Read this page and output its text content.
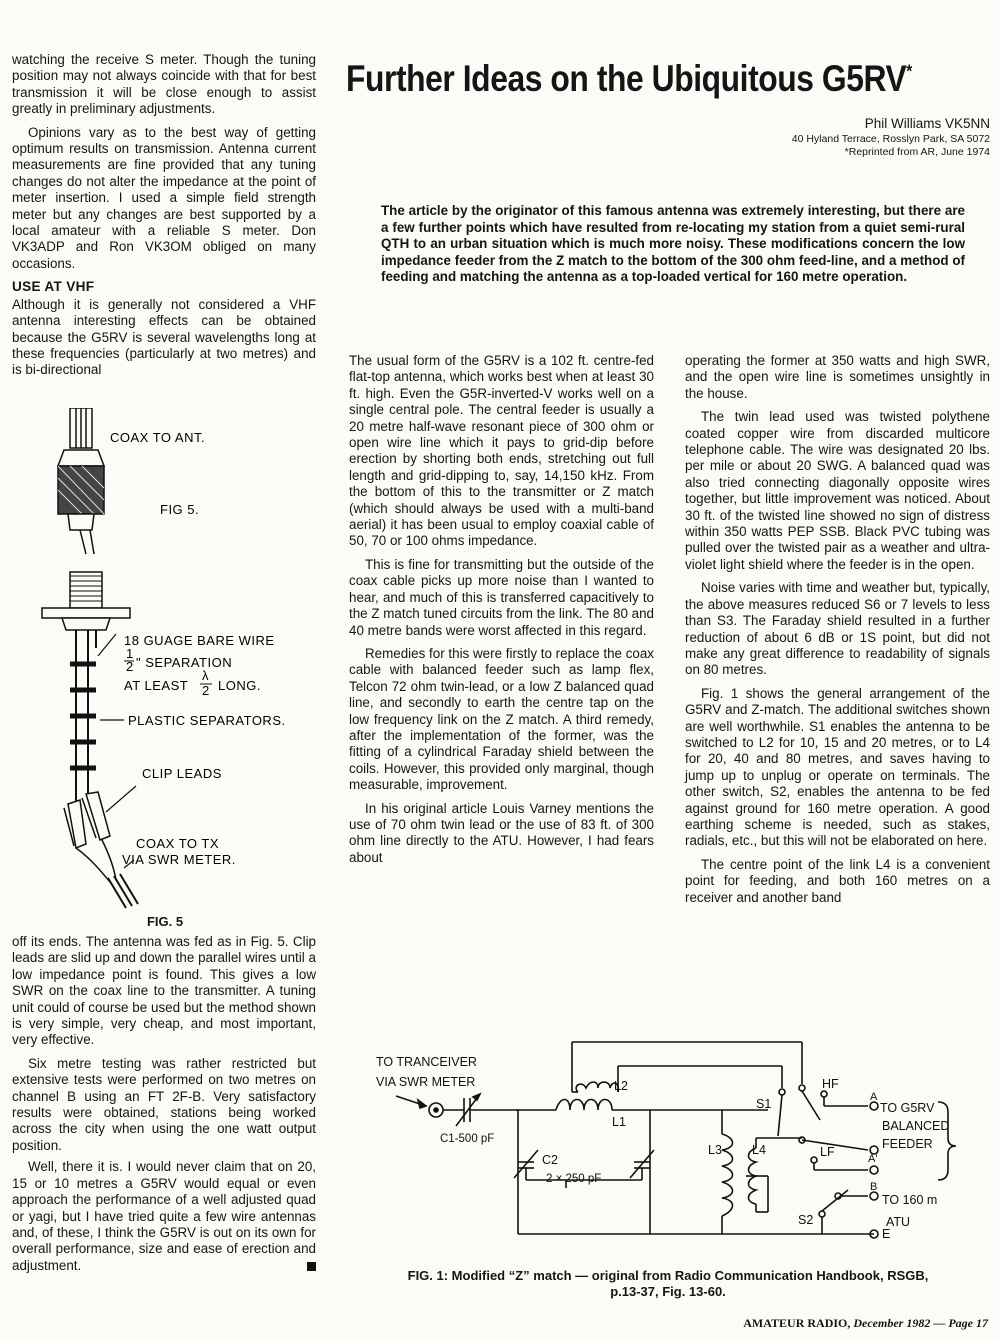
watching the receive S meter. Though the tuning position may not always coincide with that for best transmission it will be close enough to assist greatly in preliminary adjustments.

Opinions vary as to the best way of getting optimum results on transmission. Antenna current measurements are fine provided that any tuning changes do not alter the impedance at the point of meter insertion. I used a simple field strength meter but any changes are best supported by a local amateur with a reliable S meter. Don VK3ADP and Ron VK3OM obliged on many occasions.

USE AT VHF

Although it is generally not considered a VHF antenna interesting effects can be obtained because the G5RV is several wavelengths long at these frequencies (particularly at two metres) and is bi-directional

COAX TO ANT.
FIG 5.
18 GUAGE BARE WIRE
1
2 " SEPARATION
AT LEAST
λ
2 LONG.
PLASTIC SEPARATORS.
CLIP LEADS
COAX TO TX
VIA SWR METER.
FIG. 5

off its ends. The antenna was fed as in Fig. 5. Clip leads are slid up and down the parallel wires until a low impedance point is found. This gives a low SWR on the coax line to the transmitter. A tuning unit could of course be used but the method shown is very simple, very cheap, and most important, very effective.

Six metre testing was rather restricted but extensive tests were performed on two metres on channel B using an FT 2F-B. Very satisfactory results were obtained, stations being worked across the city when using the one watt output position.

Well, there it is. I would never claim that on 20, 15 or 10 metres a G5RV would equal or even approach the performance of a well adjusted quad or yagi, but I have tried quite a few wire antennas and, of these, I think the G5RV is out on its own for overall performance, size and ease of erection and adjustment.

Further Ideas on the Ubiquitous G5RV*
Phil Williams VK5NN
40 Hyland Terrace, Rosslyn Park, SA 5072
*Reprinted from AR, June 1974
The article by the originator of this famous antenna was extremely interesting, but there are a few further points which have resulted from re-locating my station from a quiet semi-rural QTH to an urban situation which is much more noisy. These modifications concern the low impedance feeder from the Z match to the bottom of the 300 ohm feed-line, and a method of feeding and matching the antenna as a top-loaded vertical for 160 metre operation.

The usual form of the G5RV is a 102 ft. centre-fed flat-top antenna, which works best when at least 30 ft. high. Even the G5R-inverted-V works well on a single central pole. The central feeder is usually a 20 metre half-wave resonant piece of 300 ohm or open wire line which it pays to grid-dip before erection by shorting both ends, stretching out full length and grid-dipping to, say, 14,150 kHz. From the bottom of this to the transmitter or Z match (which should always be used with a multi-band aerial) it has been usual to employ coaxial cable of 50, 70 or 100 ohms impedance.

This is fine for transmitting but the outside of the coax cable picks up more noise than I wanted to hear, and much of this is transferred capacitively to the Z match tuned circuits from the link. The 80 and 40 metre bands were worst affected in this regard.

Remedies for this were firstly to replace the coax cable with balanced feeder such as lamp flex, Telcon 72 ohm twin-lead, or a low Z balanced quad line, and secondly to earth the centre tap on the low frequency link on the Z match. A third remedy, after the implementation of the former, was the fitting of a cylindrical Faraday shield between the coils. However, this provided only marginal, though measurable, improvement.

In his original article Louis Varney mentions the use of 70 ohm twin lead or the use of 83 ft. of 300 ohm line directly to the ATU. However, I had fears about

operating the former at 350 watts and high SWR, and the open wire line is sometimes unsightly in the house.

The twin lead used was twisted polythene coated copper wire from discarded multicore telephone cable. The wire was designated 20 lbs. per mile or about 20 SWG. A balanced quad was also tried connecting diagonally opposite wires together, but little improvement was noticed. About 30 ft. of the twisted line showed no sign of distress within 350 watts PEP SSB. Black PVC tubing was pulled over the twisted pair as a weather and ultra-violet light shield where the feeder is in the open.

Noise varies with time and weather but, typically, the above measures reduced S6 or 7 levels to less than S3. The Faraday shield resulted in a further reduction of about 6 dB or 1S point, but did not make any great difference to readability of signals on 80 metres.

Fig. 1 shows the general arrangement of the G5RV and Z-match. The additional switches shown are well worthwhile. S1 enables the antenna to be switched to L2 for 10, 15 and 20 metres, or to L4 for 20, 40 and 80 metres, and saves having to jump up to unplug or operate on terminals. The other switch, S2, enables the antenna to be fed against ground for 160 metre operation. A good earthing scheme is needed, such as stakes, radials, etc., but this will not be elaborated on here.

The centre point of the link L4 is a convenient point for feeding, and both 160 metres on a receiver and another band

TO TRANCEIVER
VIA SWR METER
C1-500 pF
L2
L1
C2
2 × 250 pF
L3 L4
S1
HF
LF
S2
A
TO G5RV
BALANCED
FEEDER
A'
B
TO 160 m
ATU
E
FIG. 1: Modified “Z” match — original from Radio Communication Handbook, RSGB,
p.13-37, Fig. 13-60.
AMATEUR RADIO, December 1982 — Page 17
